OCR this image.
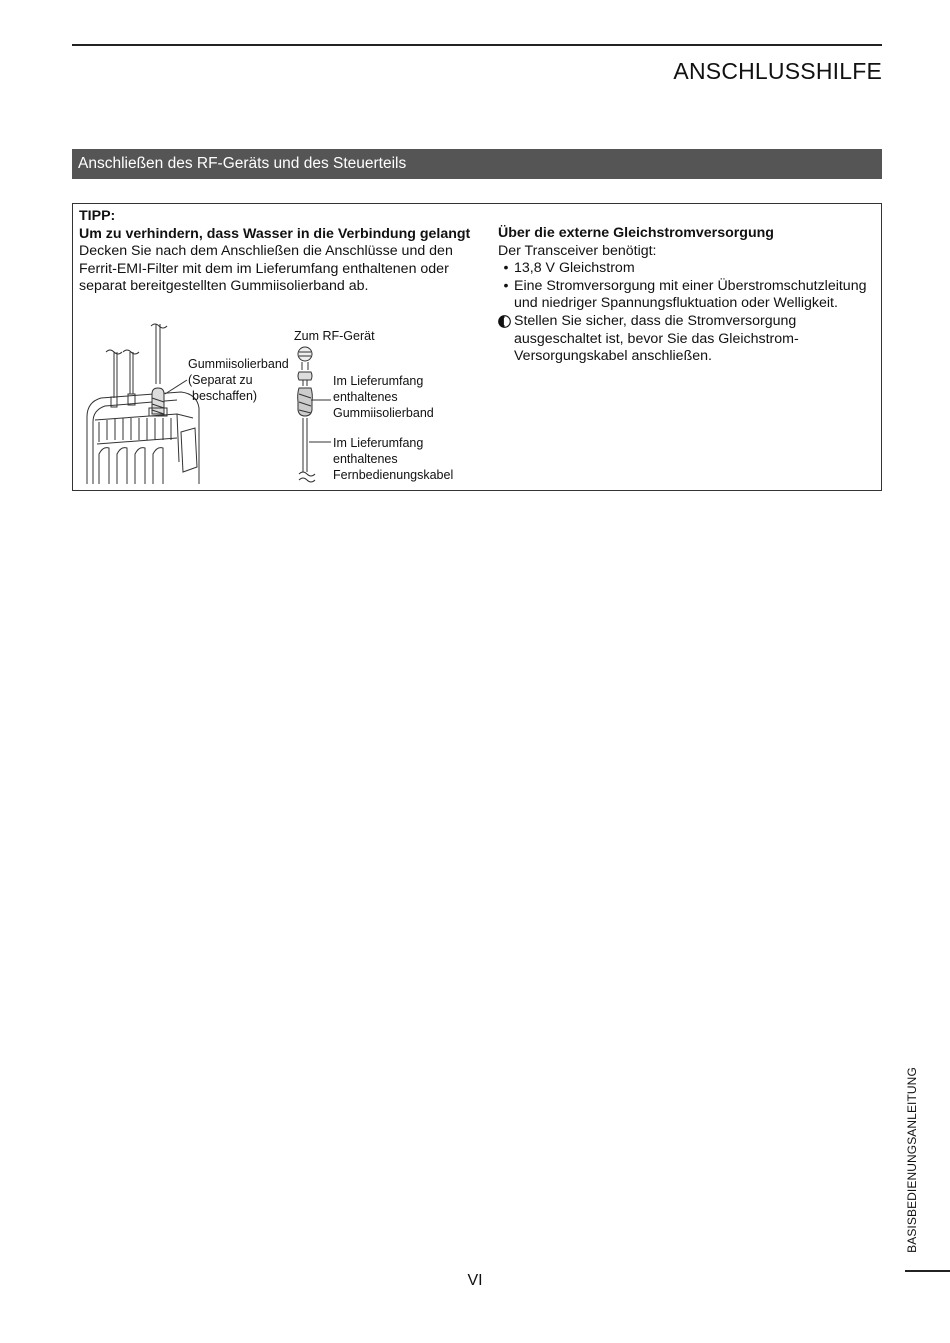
ANSCHLUSSHILFE
Anschließen des RF-Geräts und des Steuerteils
TIPP:
Um zu verhindern, dass Wasser in die Verbindung gelangt
Decken Sie nach dem Anschließen die Anschlüsse und den Ferrit-EMI-Filter mit dem im Lieferumfang enthaltenen oder separat bereitgestellten Gummiisolierband ab.
Zum RF-Gerät
Gummiisolierband
(Separat zu
beschaffen)
Im Lieferumfang
enthaltenes
Gummiisolierband
Im Lieferumfang
enthaltenes
Fernbedienungskabel
Über die externe Gleichstromversorgung
Der Transceiver benötigt:
• 13,8 V Gleichstrom
• Eine Stromversorgung mit einer Überstromschutzleitung und niedriger Spannungsfluktuation oder Welligkeit.
Stellen Sie sicher, dass die Stromversorgung ausgeschaltet ist, bevor Sie das Gleichstrom-Versorgungskabel anschließen.
BASISBEDIENUNGSANLEITUNG
VI
